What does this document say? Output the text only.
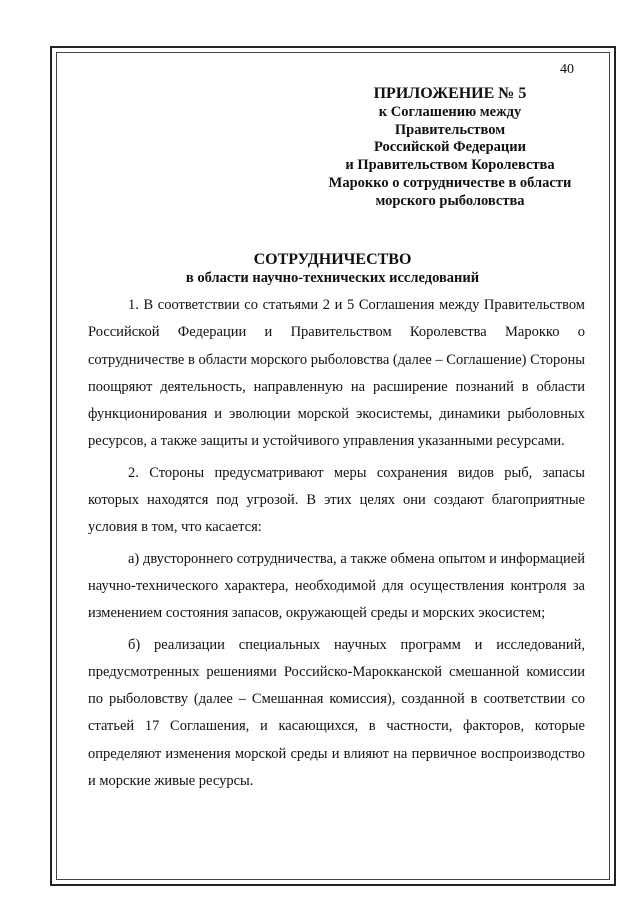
40
ПРИЛОЖЕНИЕ № 5
к Соглашению между
Правительством
Российской Федерации
и Правительством Королевства
Марокко о сотрудничестве в области
морского рыболовства
СОТРУДНИЧЕСТВО
в области научно-технических исследований

1. В соответствии со статьями 2 и 5 Соглашения между Правительством Российской Федерации и Правительством Королевства Марокко о сотрудничестве в области морского рыболовства (далее – Соглашение) Стороны поощряют деятельность, направленную на расширение познаний в области функционирования и эволюции морской экосистемы, динамики рыболовных ресурсов, а также защиты и устойчивого управления указанными ресурсами.

2. Стороны предусматривают меры сохранения видов рыб, запасы которых находятся под угрозой. В этих целях они создают благоприятные условия в том, что касается:

а) двустороннего сотрудничества, а также обмена опытом и информацией научно-технического характера, необходимой для осуществления контроля за изменением состояния запасов, окружающей среды и морских экосистем;

б) реализации специальных научных программ и исследований, предусмотренных решениями Российско-Марокканской смешанной комиссии по рыболовству (далее – Смешанная комиссия), созданной в соответствии со статьей 17 Соглашения, и касающихся, в частности, факторов, которые определяют изменения морской среды и влияют на первичное воспроизводство и морские живые ресурсы.
